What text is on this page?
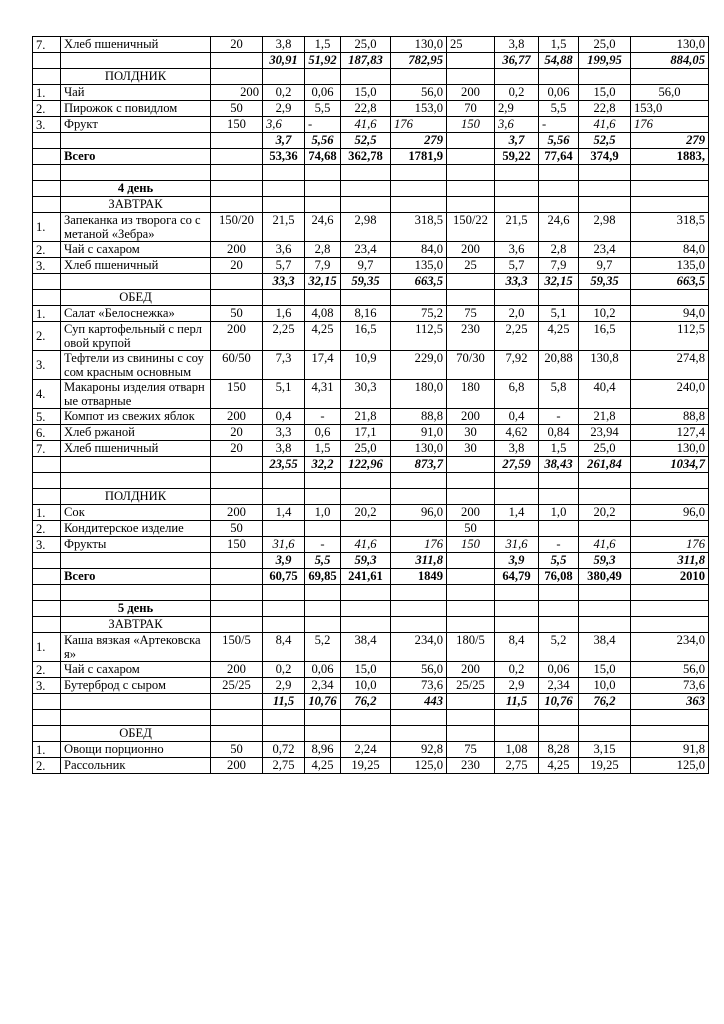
7.	Хлеб пшеничный	20	3,8	1,5	25,0	130,0	25	3,8	1,5	25,0	130,0
			30,91	51,92	187,83	782,95		36,77	54,88	199,95	884,05
	ПОЛДНИК										
1.	Чай	200	0,2	0,06	15,0	56,0	200	0,2	0,06	15,0	56,0
2.	Пирожок с повидлом	50	2,9	5,5	22,8	153,0	70	2,9	5,5	22,8	153,0
3.	Фрукт	150	3,6	-	41,6	176	150	3,6	-	41,6	176
			3,7	5,56	52,5	279		3,7	5,56	52,5	279
	Всего		53,36	74,68	362,78	1781,9		59,22	77,64	374,9	1883,

	4 день										
	ЗАВТРАК										
1.	Запеканка из творога со сметаной «Зебра»	150/20	21,5	24,6	2,98	318,5	150/22	21,5	24,6	2,98	318,5
2.	Чай с сахаром	200	3,6	2,8	23,4	84,0	200	3,6	2,8	23,4	84,0
3.	Хлеб пшеничный	20	5,7	7,9	9,7	135,0	25	5,7	7,9	9,7	135,0
			33,3	32,15	59,35	663,5		33,3	32,15	59,35	663,5
	ОБЕД										
1.	Салат «Белоснежка»	50	1,6	4,08	8,16	75,2	75	2,0	5,1	10,2	94,0
2.	Суп картофельный с перловой крупой	200	2,25	4,25	16,5	112,5	230	2,25	4,25	16,5	112,5
3.	Тефтели из свинины с соусом красным основным	60/50	7,3	17,4	10,9	229,0	70/30	7,92	20,88	130,8	274,8
4.	Макароны изделия отварные отварные	150	5,1	4,31	30,3	180,0	180	6,8	5,8	40,4	240,0
5.	Компот из свежих яблок	200	0,4	-	21,8	88,8	200	0,4	-	21,8	88,8
6.	Хлеб ржаной	20	3,3	0,6	17,1	91,0	30	4,62	0,84	23,94	127,4
7.	Хлеб пшеничный	20	3,8	1,5	25,0	130,0	30	3,8	1,5	25,0	130,0
			23,55	32,2	122,96	873,7		27,59	38,43	261,84	1034,7

	ПОЛДНИК										
1.	Сок	200	1,4	1,0	20,2	96,0	200	1,4	1,0	20,2	96,0
2.	Кондитерское изделие	50					50				
3.	Фрукты	150	31,6	-	41,6	176	150	31,6	-	41,6	176
			3,9	5,5	59,3	311,8		3,9	5,5	59,3	311,8
	Всего		60,75	69,85	241,61	1849		64,79	76,08	380,49	2010

	5 день										
	ЗАВТРАК										
1.	Каша вязкая «Артековская»	150/5	8,4	5,2	38,4	234,0	180/5	8,4	5,2	38,4	234,0
2.	Чай с сахаром	200	0,2	0,06	15,0	56,0	200	0,2	0,06	15,0	56,0
3.	Бутерброд с сыром	25/25	2,9	2,34	10,0	73,6	25/25	2,9	2,34	10,0	73,6
			11,5	10,76	76,2	443		11,5	10,76	76,2	363

	ОБЕД										
1.	Овощи порционно	50	0,72	8,96	2,24	92,8	75	1,08	8,28	3,15	91,8
2.	Рассольник	200	2,75	4,25	19,25	125,0	230	2,75	4,25	19,25	125,0
